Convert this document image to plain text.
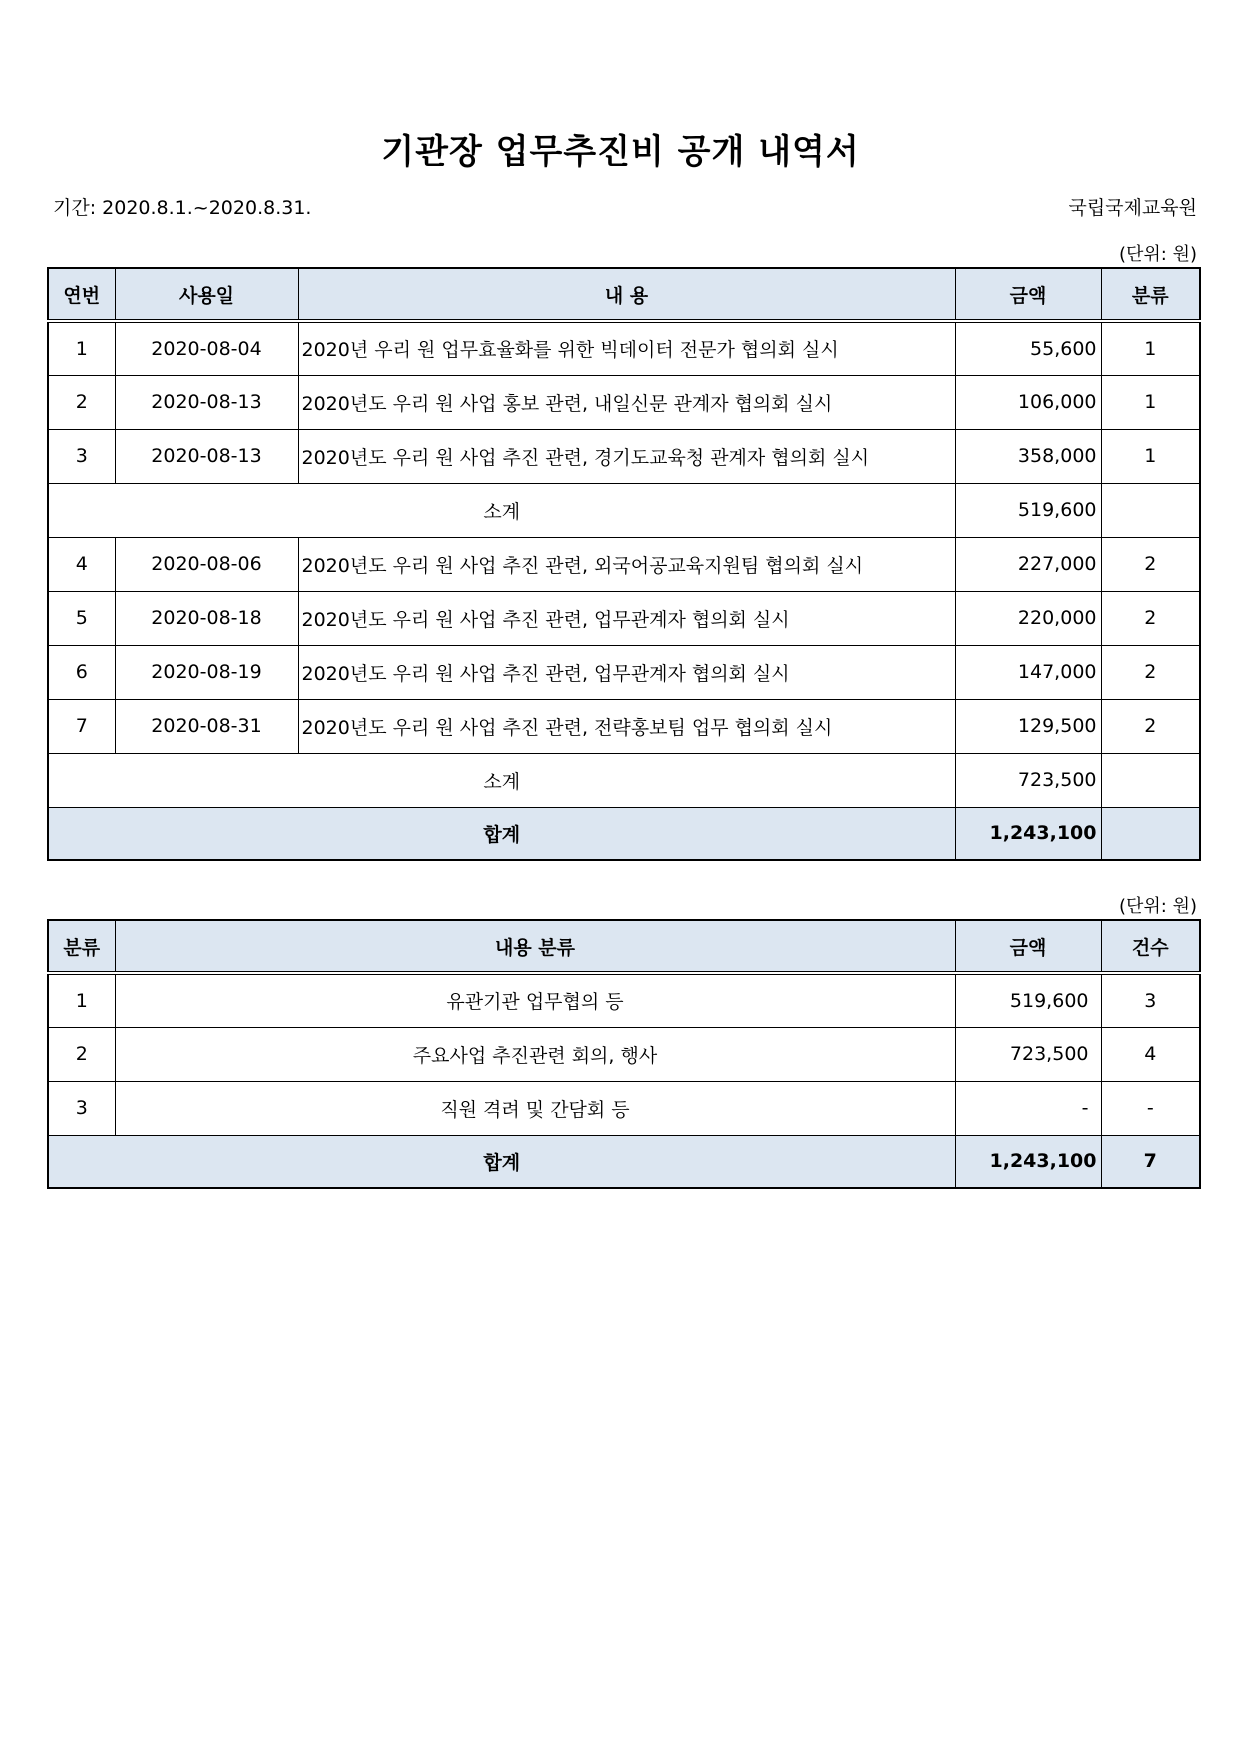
기관장 업무추진비 공개 내역서
기간: 2020.8.1.~2020.8.31.	국립국제교육원
(단위: 원)
연번	사용일	내 용	금액	분류
1	2020-08-04	2020년 우리 원 업무효율화를 위한 빅데이터 전문가 협의회 실시	55,600	1
2	2020-08-13	2020년도 우리 원 사업 홍보 관련, 내일신문 관계자 협의회 실시	106,000	1
3	2020-08-13	2020년도 우리 원 사업 추진 관련, 경기도교육청 관계자 협의회 실시	358,000	1
소계			519,600	
4	2020-08-06	2020년도 우리 원 사업 추진 관련, 외국어공교육지원팀 협의회 실시	227,000	2
5	2020-08-18	2020년도 우리 원 사업 추진 관련, 업무관계자 협의회 실시	220,000	2
6	2020-08-19	2020년도 우리 원 사업 추진 관련, 업무관계자 협의회 실시	147,000	2
7	2020-08-31	2020년도 우리 원 사업 추진 관련, 전략홍보팀 업무 협의회 실시	129,500	2
소계			723,500	
합계			1,243,100	
(단위: 원)
분류	내용 분류	금액	건수
1	유관기관 업무협의 등	519,600	3
2	주요사업 추진관련 회의, 행사	723,500	4
3	직원 격려 및 간담회 등	-	-
합계		1,243,100	7
